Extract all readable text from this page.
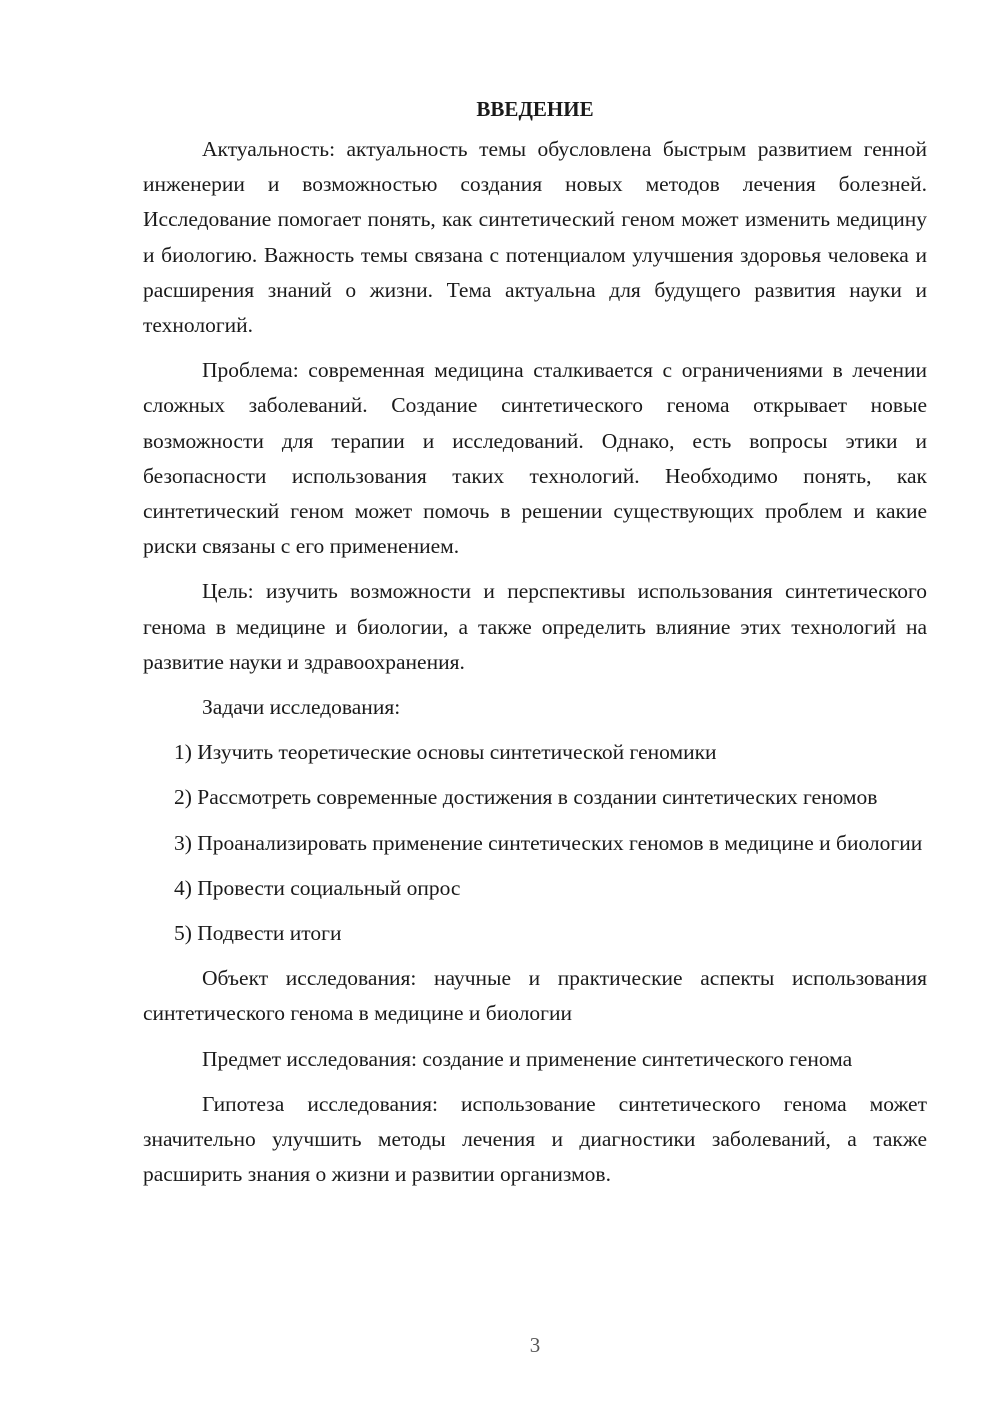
ВВЕДЕНИЕ

Актуальность: актуальность темы обусловлена быстрым развитием генной инженерии и возможностью создания новых методов лечения болезней. Исследование помогает понять, как синтетический геном может изменить медицину и биологию. Важность темы связана с потенциалом улучшения здоровья человека и расширения знаний о жизни. Тема актуальна для будущего развития науки и технологий.

Проблема: современная медицина сталкивается с ограничениями в лечении сложных заболеваний. Создание синтетического генома открывает новые возможности для терапии и исследований. Однако, есть вопросы этики и безопасности использования таких технологий. Необходимо понять, как синтетический геном может помочь в решении существующих проблем и какие риски связаны с его применением.

Цель: изучить возможности и перспективы использования синтетического генома в медицине и биологии, а также определить влияние этих технологий на развитие науки и здравоохранения.

Задачи исследования:

1) Изучить теоретические основы синтетической геномики

2) Рассмотреть современные достижения в создании синтетических геномов

3) Проанализировать применение синтетических геномов в медицине и биологии

4) Провести социальный опрос

5) Подвести итоги

Объект исследования: научные и практические аспекты использования синтетического генома в медицине и биологии

Предмет исследования: создание и применение синтетического генома

Гипотеза исследования: использование синтетического генома может значительно улучшить методы лечения и диагностики заболеваний, а также расширить знания о жизни и развитии организмов.

3
